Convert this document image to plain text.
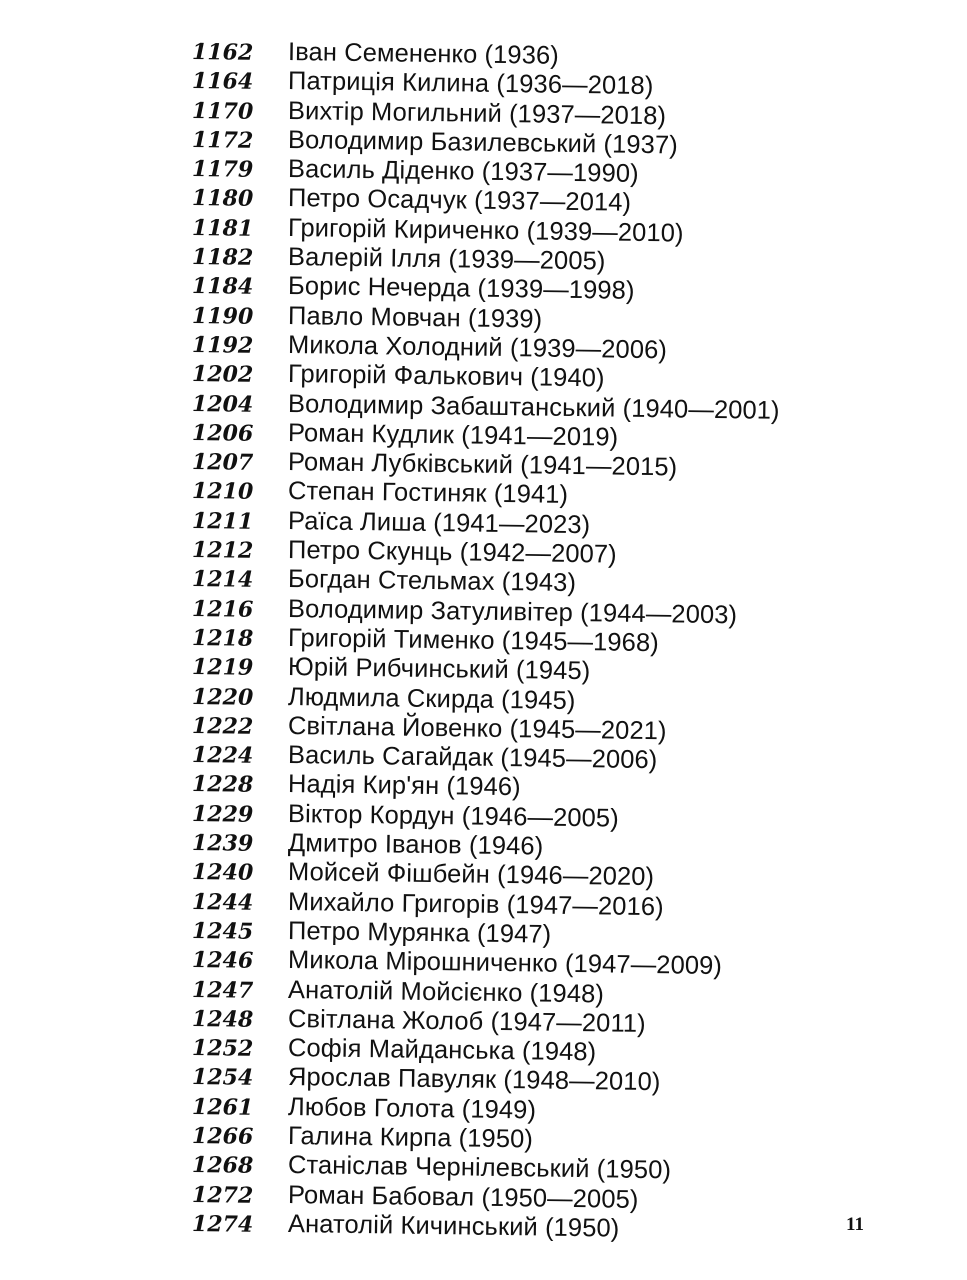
1162	Іван Семененко (1936)
1164	Патриція Килина (1936—2018)
1170	Вихтір Могильний (1937—2018)
1172	Володимир Базилевський (1937)
1179	Василь Діденко (1937—1990)
1180	Петро Осадчук (1937—2014)
1181	Григорій Кириченко (1939—2010)
1182	Валерій Ілля (1939—2005)
1184	Борис Нечерда (1939—1998)
1190	Павло Мовчан (1939)
1192	Микола Холодний (1939—2006)
1202	Григорій Фалькович (1940)
1204	Володимир Забаштанський (1940—2001)
1206	Роман Кудлик (1941—2019)
1207	Роман Лубківський (1941—2015)
1210	Степан Гостиняк (1941)
1211	Раїса Лиша (1941—2023)
1212	Петро Скунць (1942—2007)
1214	Богдан Стельмах (1943)
1216	Володимир Затуливітер (1944—2003)
1218	Григорій Тименко (1945—1968)
1219	Юрій Рибчинський (1945)
1220	Людмила Скирда (1945)
1222	Світлана Йовенко (1945—2021)
1224	Василь Сагайдак (1945—2006)
1228	Надія Кир'ян (1946)
1229	Віктор Кордун (1946—2005)
1239	Дмитро Іванов (1946)
1240	Мойсей Фішбейн (1946—2020)
1244	Михайло Григорів (1947—2016)
1245	Петро Мурянка (1947)
1246	Микола Мірошниченко (1947—2009)
1247	Анатолій Мойсієнко (1948)
1248	Світлана Жолоб (1947—2011)
1252	Софія Майданська (1948)
1254	Ярослав Павуляк (1948—2010)
1261	Любов Голота (1949)
1266	Галина Кирпа (1950)
1268	Станіслав Чернілевський (1950)
1272	Роман Бабовал (1950—2005)
1274	Анатолій Кичинський (1950)	11
